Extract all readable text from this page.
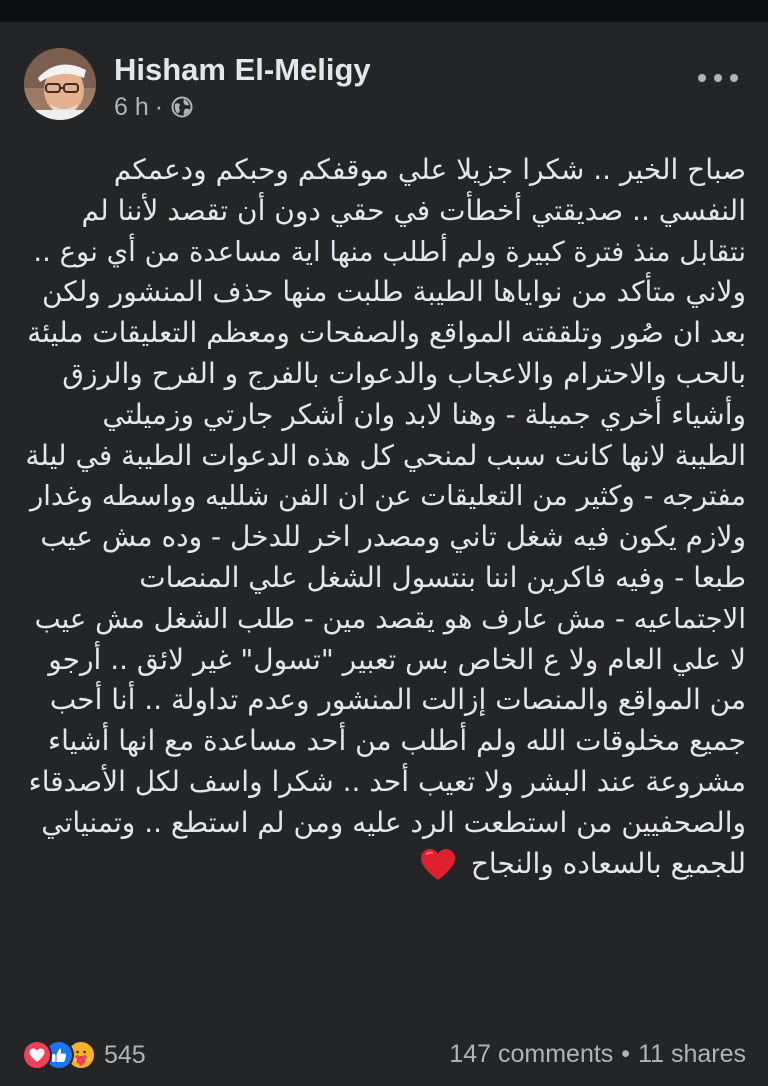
Hisham El-Meligy
6 h ·
صباح الخير .. شكرا جزيلا علي موقفكم وحبكم ودعمكم
النفسي .. صديقتي أخطأت في حقي دون أن تقصد لأننا لم
نتقابل منذ فترة كبيرة ولم أطلب منها اية مساعدة من أي نوع ..
ولاني متأكد من نواياها الطيبة طلبت منها حذف المنشور ولكن
بعد ان صُور وتلقفته المواقع والصفحات ومعظم التعليقات مليئة
بالحب والاحترام والاعجاب والدعوات بالفرج و الفرح والرزق
وأشياء أخري جميلة - وهنا لابد وان أشكر جارتي وزميلتي
الطيبة لانها كانت سبب لمنحي كل هذه الدعوات الطيبة في ليلة
مفترجه - وكثير من التعليقات عن ان الفن شلليه وواسطه وغدار
ولازم يكون فيه شغل تاني ومصدر اخر للدخل - وده مش عيب
طبعا - وفيه فاكرين اننا بنتسول الشغل علي المنصات
الاجتماعيه - مش عارف هو يقصد مين - طلب الشغل مش عيب
لا علي العام ولا ع الخاص بس تعبير "تسول" غير لائق .. أرجو
من المواقع والمنصات إزالت المنشور وعدم تداولة .. أنا أحب
جميع مخلوقات الله ولم أطلب من أحد مساعدة مع انها أشياء
مشروعة عند البشر ولا تعيب أحد .. شكرا واسف لكل الأصدقاء
والصحفيين من استطعت الرد عليه ومن لم استطع .. وتمنياتي
للجميع بالسعاده والنجاح
545	147 comments • 11 shares
